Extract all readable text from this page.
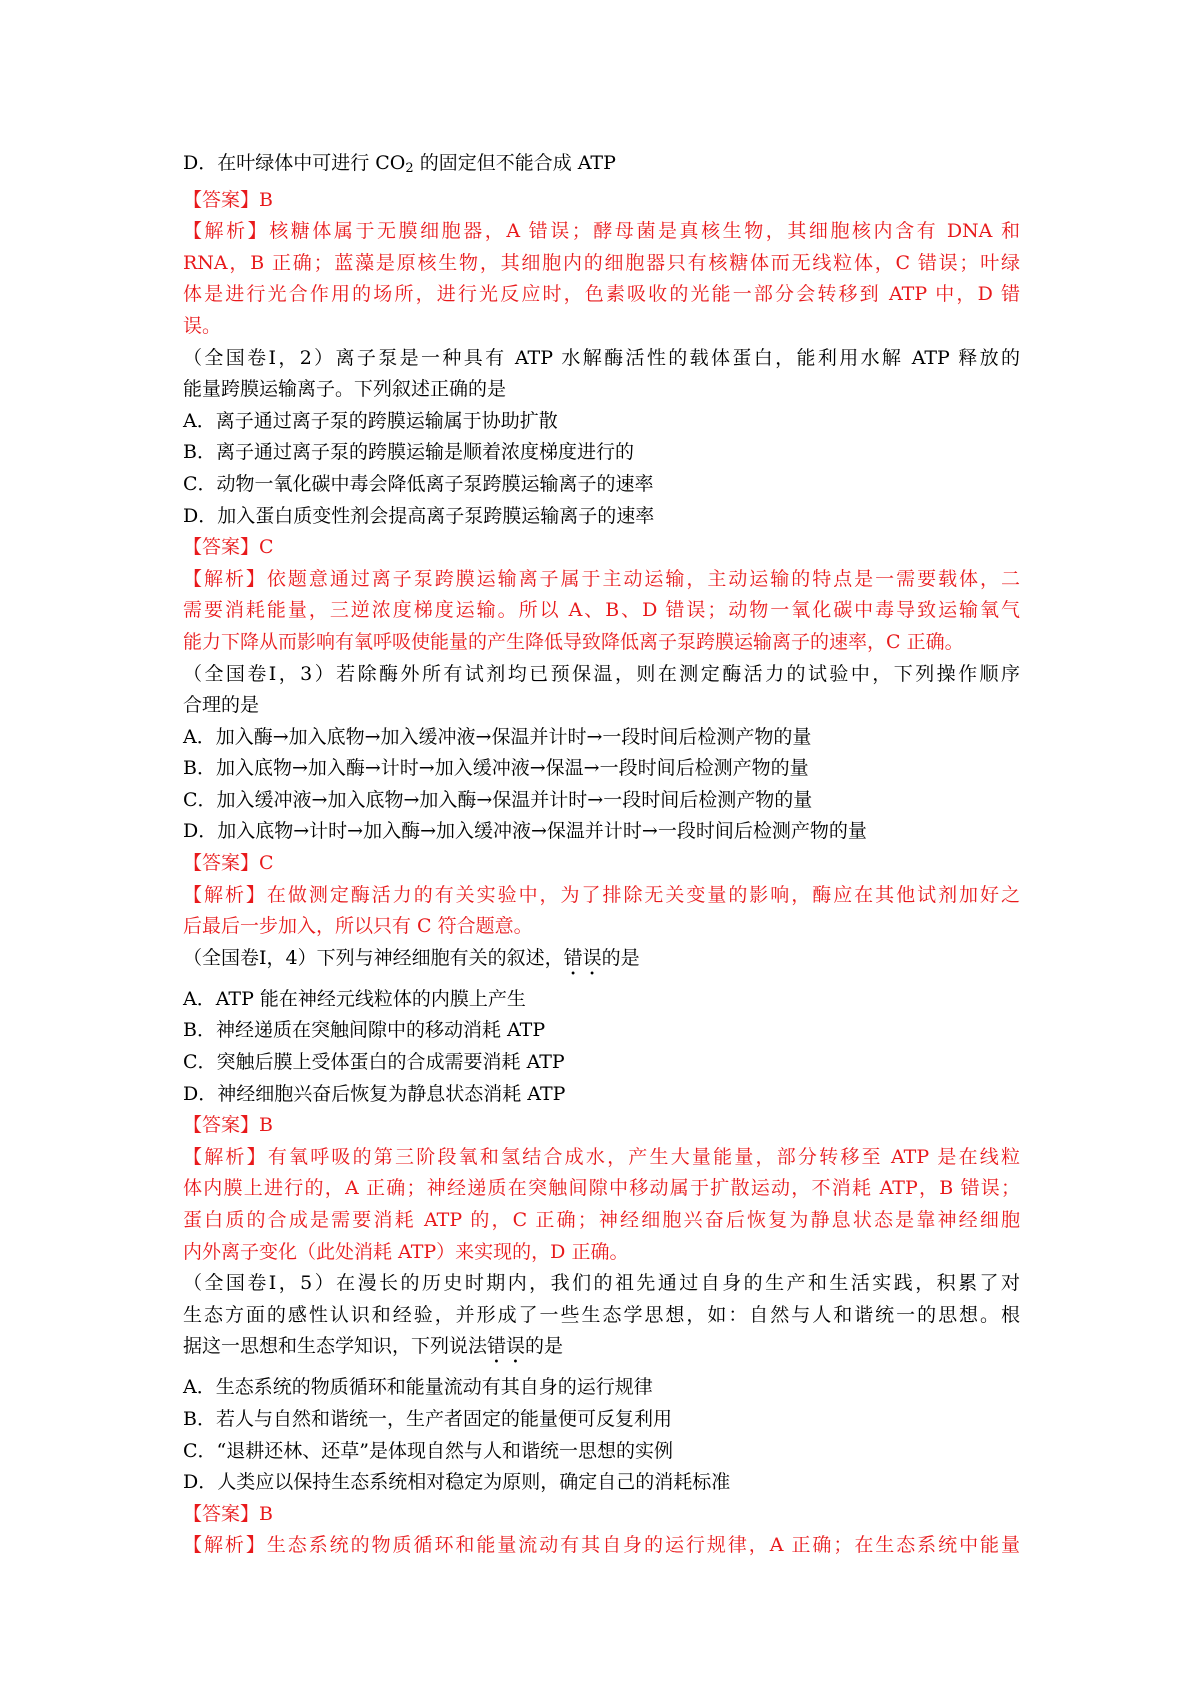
D．在叶绿体中可进行 $CO_2$ 的固定但不能合成 ATP
【答案】B
【解析】核糖体属于无膜细胞器，A 错误；酵母菌是真核生物，其细胞核内含有 DNA 和
RNA，B 正确；蓝藻是原核生物，其细胞内的细胞器只有核糖体而无线粒体，C 错误；叶绿
体是进行光合作用的场所，进行光反应时，色素吸收的光能一部分会转移到 ATP 中，D 错
误。
（全国卷Ⅰ，2）离子泵是一种具有 ATP 水解酶活性的载体蛋白，能利用水解 ATP 释放的
能量跨膜运输离子。下列叙述正确的是
A．离子通过离子泵的跨膜运输属于协助扩散
B．离子通过离子泵的跨膜运输是顺着浓度梯度进行的
C．动物一氧化碳中毒会降低离子泵跨膜运输离子的速率
D．加入蛋白质变性剂会提高离子泵跨膜运输离子的速率
【答案】C
【解析】依题意通过离子泵跨膜运输离子属于主动运输，主动运输的特点是一需要载体，二
需要消耗能量，三逆浓度梯度运输。所以 A、B、D 错误；动物一氧化碳中毒导致运输氧气
能力下降从而影响有氧呼吸使能量的产生降低导致降低离子泵跨膜运输离子的速率，C 正确。
（全国卷Ⅰ，3）若除酶外所有试剂均已预保温，则在测定酶活力的试验中，下列操作顺序
合理的是
A．加入酶→加入底物→加入缓冲液→保温并计时→一段时间后检测产物的量
B．加入底物→加入酶→计时→加入缓冲液→保温→一段时间后检测产物的量
C．加入缓冲液→加入底物→加入酶→保温并计时→一段时间后检测产物的量
D．加入底物→计时→加入酶→加入缓冲液→保温并计时→一段时间后检测产物的量
【答案】C
【解析】在做测定酶活力的有关实验中，为了排除无关变量的影响，酶应在其他试剂加好之
后最后一步加入，所以只有 C 符合题意。
（全国卷Ⅰ，4）下列与神经细胞有关的叙述，错误的是
A．ATP 能在神经元线粒体的内膜上产生
B．神经递质在突触间隙中的移动消耗 ATP
C．突触后膜上受体蛋白的合成需要消耗 ATP
D．神经细胞兴奋后恢复为静息状态消耗 ATP
【答案】B
【解析】有氧呼吸的第三阶段氧和氢结合成水，产生大量能量，部分转移至 ATP 是在线粒
体内膜上进行的，A 正确；神经递质在突触间隙中移动属于扩散运动，不消耗 ATP，B 错误；
蛋白质的合成是需要消耗 ATP 的，C 正确；神经细胞兴奋后恢复为静息状态是靠神经细胞
内外离子变化（此处消耗 ATP）来实现的，D 正确。
（全国卷Ⅰ，5）在漫长的历史时期内，我们的祖先通过自身的生产和生活实践，积累了对
生态方面的感性认识和经验，并形成了一些生态学思想，如：自然与人和谐统一的思想。根
据这一思想和生态学知识，下列说法错误的是
A．生态系统的物质循环和能量流动有其自身的运行规律
B．若人与自然和谐统一，生产者固定的能量便可反复利用
C．“退耕还林、还草”是体现自然与人和谐统一思想的实例
D．人类应以保持生态系统相对稳定为原则，确定自己的消耗标准
【答案】B
【解析】生态系统的物质循环和能量流动有其自身的运行规律，A 正确；在生态系统中能量
